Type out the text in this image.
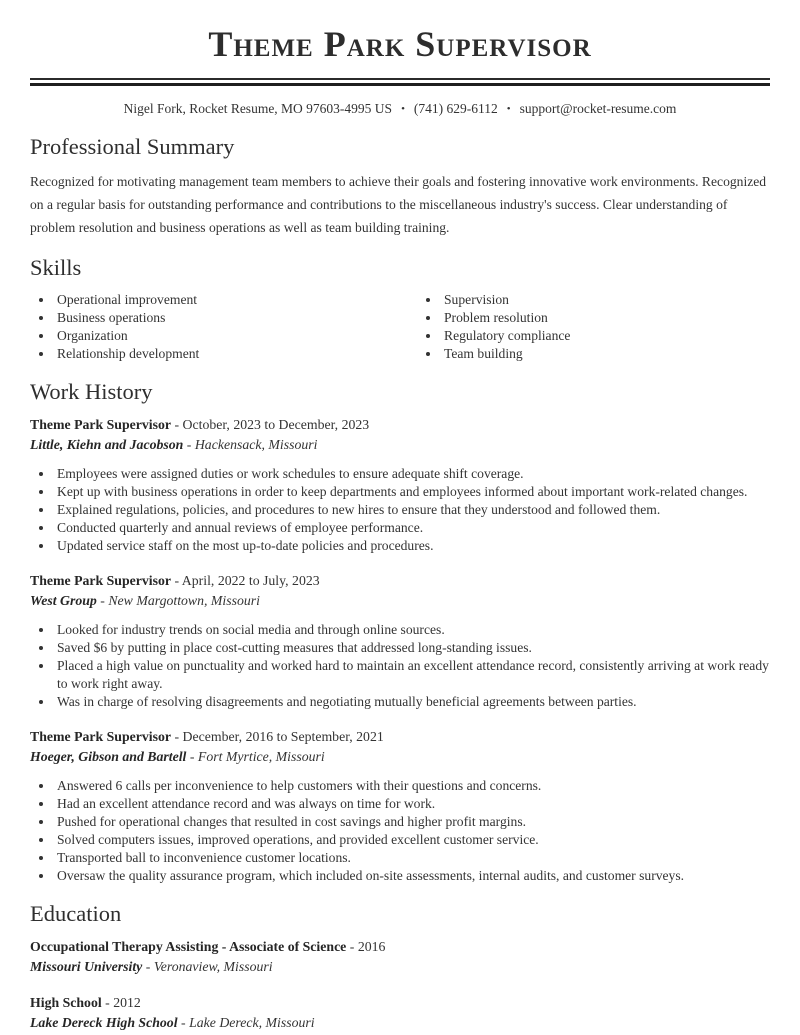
Theme Park Supervisor
Nigel Fork, Rocket Resume, MO 97603-4995 US • (741) 629-6112 • support@rocket-resume.com
Professional Summary

Recognized for motivating management team members to achieve their goals and fostering innovative work environments. Recognized on a regular basis for outstanding performance and contributions to the miscellaneous industry's success. Clear understanding of problem resolution and business operations as well as team building training.

Skills
• Operational improvement
• Business operations
• Organization
• Relationship development
• Supervision
• Problem resolution
• Regulatory compliance
• Team building
Work History

Theme Park Supervisor - October, 2023 to December, 2023

Little, Kiehn and Jacobson - Hackensack, Missouri

• Employees were assigned duties or work schedules to ensure adequate shift coverage.
• Kept up with business operations in order to keep departments and employees informed about important work-related changes.
• Explained regulations, policies, and procedures to new hires to ensure that they understood and followed them.
• Conducted quarterly and annual reviews of employee performance.
• Updated service staff on the most up-to-date policies and procedures.

Theme Park Supervisor - April, 2022 to July, 2023

West Group - New Margottown, Missouri

• Looked for industry trends on social media and through online sources.
• Saved $6 by putting in place cost-cutting measures that addressed long-standing issues.
• Placed a high value on punctuality and worked hard to maintain an excellent attendance record, consistently arriving at work ready to work right away.
• Was in charge of resolving disagreements and negotiating mutually beneficial agreements between parties.

Theme Park Supervisor - December, 2016 to September, 2021

Hoeger, Gibson and Bartell - Fort Myrtice, Missouri

• Answered 6 calls per inconvenience to help customers with their questions and concerns.
• Had an excellent attendance record and was always on time for work.
• Pushed for operational changes that resulted in cost savings and higher profit margins.
• Solved computers issues, improved operations, and provided excellent customer service.
• Transported ball to inconvenience customer locations.
• Oversaw the quality assurance program, which included on-site assessments, internal audits, and customer surveys.
Education

Occupational Therapy Assisting - Associate of Science - 2016

Missouri University - Veronaview, Missouri

High School - 2012

Lake Dereck High School - Lake Dereck, Missouri
